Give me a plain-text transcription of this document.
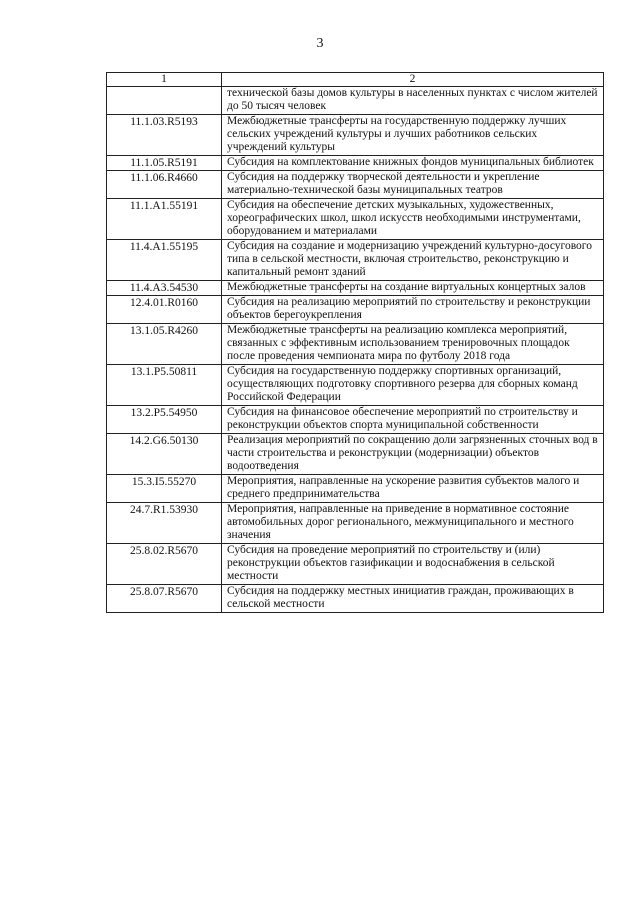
3
1	2
	технической базы домов культуры в населенных пунктах с числом жителей до 50 тысяч человек
11.1.03.R5193	Межбюджетные трансферты на государственную поддержку лучших сельских учреждений культуры и лучших работников сельских учреждений культуры
11.1.05.R5191	Субсидия на комплектование книжных фондов муниципальных библиотек
11.1.06.R4660	Субсидия на поддержку творческой деятельности и укрепление материально-технической базы муниципальных театров
11.1.A1.55191	Субсидия на обеспечение детских музыкальных, художественных, хореографических школ, школ искусств необходимыми инструментами, оборудованием и материалами
11.4.A1.55195	Субсидия на создание и модернизацию учреждений культурно-досугового типа в сельской местности, включая строительство, реконструкцию и капитальный ремонт зданий
11.4.A3.54530	Межбюджетные трансферты на создание виртуальных концертных залов
12.4.01.R0160	Субсидия на реализацию мероприятий по строительству и реконструкции объектов берегоукрепления
13.1.05.R4260	Межбюджетные трансферты на реализацию комплекса мероприятий, связанных с эффективным использованием тренировочных площадок после проведения чемпионата мира по футболу 2018 года
13.1.P5.50811	Субсидия на государственную поддержку спортивных организаций, осуществляющих подготовку спортивного резерва для сборных команд Российской Федерации
13.2.P5.54950	Субсидия на финансовое обеспечение мероприятий по строительству и реконструкции объектов спорта муниципальной собственности
14.2.G6.50130	Реализация мероприятий по сокращению доли загрязненных сточных вод в части строительства и реконструкции (модернизации) объектов водоотведения
15.3.I5.55270	Мероприятия, направленные на ускорение развития субъектов малого и среднего предпринимательства
24.7.R1.53930	Мероприятия, направленные на приведение в нормативное состояние автомобильных дорог регионального, межмуниципального и местного значения
25.8.02.R5670	Субсидия на проведение мероприятий по строительству и (или) реконструкции объектов газификации и водоснабжения в сельской местности
25.8.07.R5670	Субсидия на поддержку местных инициатив граждан, проживающих в сельской местности
